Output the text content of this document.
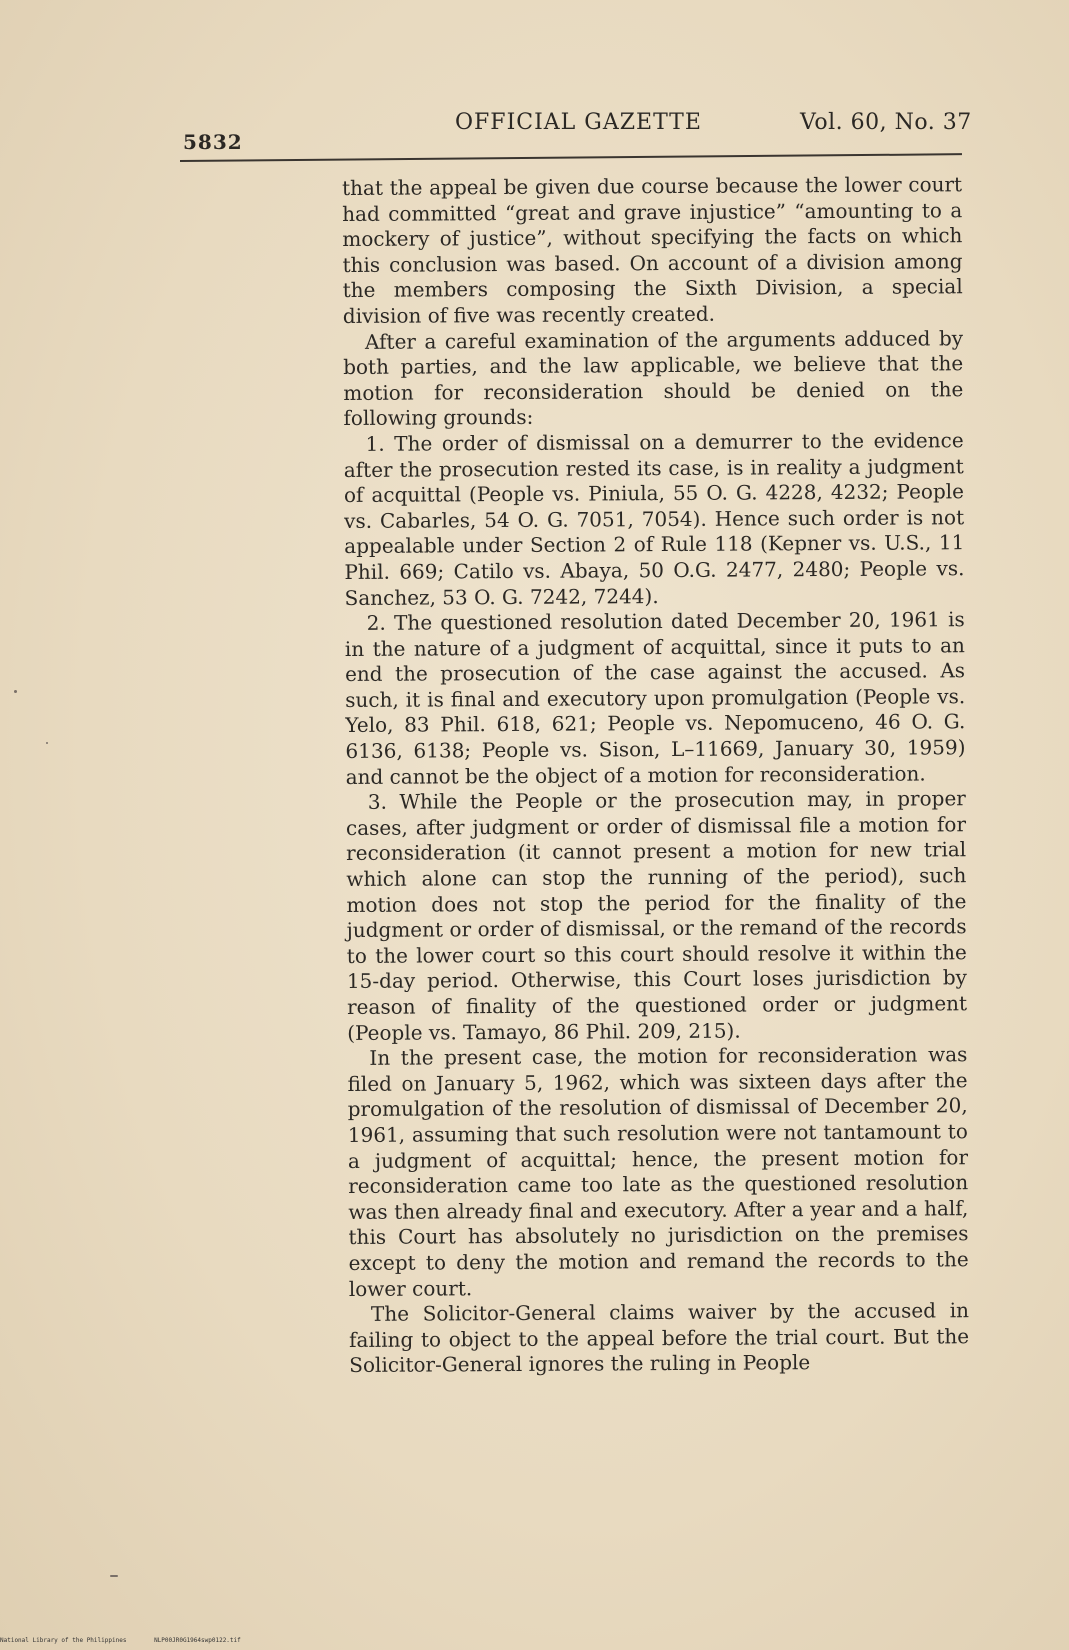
5832
OFFICIAL GAZETTE	Vol. 60, No. 37

that the appeal be given due course because the lower court had committed “great and grave injustice” “amounting to a mockery of justice”, without specifying the facts on which this conclusion was based. On account of a division among the members composing the Sixth Division, a special division of five was recently created.

After a careful examination of the arguments adduced by both parties, and the law applicable, we believe that the motion for reconsideration should be denied on the following grounds:

1. The order of dismissal on a demurrer to the evidence after the prosecution rested its case, is in reality a judgment of acquittal (People vs. Piniula, 55 O. G. 4228, 4232; People vs. Cabarles, 54 O. G. 7051, 7054). Hence such order is not appealable under Section 2 of Rule 118 (Kepner vs. U.S., 11 Phil. 669; Catilo vs. Abaya, 50 O.G. 2477, 2480; People vs. Sanchez, 53 O. G. 7242, 7244).

2. The questioned resolution dated December 20, 1961 is in the nature of a judgment of acquittal, since it puts to an end the prosecution of the case against the accused. As such, it is final and executory upon promulgation (People vs. Yelo, 83 Phil. 618, 621; People vs. Nepomuceno, 46 O. G. 6136, 6138; People vs. Sison, L–11669, January 30, 1959) and cannot be the object of a motion for reconsideration.

3. While the People or the prosecution may, in proper cases, after judgment or order of dismissal file a motion for reconsideration (it cannot present a motion for new trial which alone can stop the running of the period), such motion does not stop the period for the finality of the judgment or order of dismissal, or the remand of the records to the lower court so this court should resolve it within the 15-day period. Otherwise, this Court loses jurisdiction by reason of finality of the questioned order or judgment (People vs. Tamayo, 86 Phil. 209, 215).

In the present case, the motion for reconsideration was filed on January 5, 1962, which was sixteen days after the promulgation of the resolution of dismissal of December 20, 1961, assuming that such resolution were not tantamount to a judgment of acquittal; hence, the present motion for reconsideration came too late as the questioned resolution was then already final and executory. After a year and a half, this Court has absolutely no jurisdiction on the premises except to deny the motion and remand the records to the lower court.

The Solicitor-General claims waiver by the accused in failing to object to the appeal before the trial court. But the Solicitor-General ignores the ruling in People

National Library of the Philippines	NLP00JR0G1964swp0122.tif
